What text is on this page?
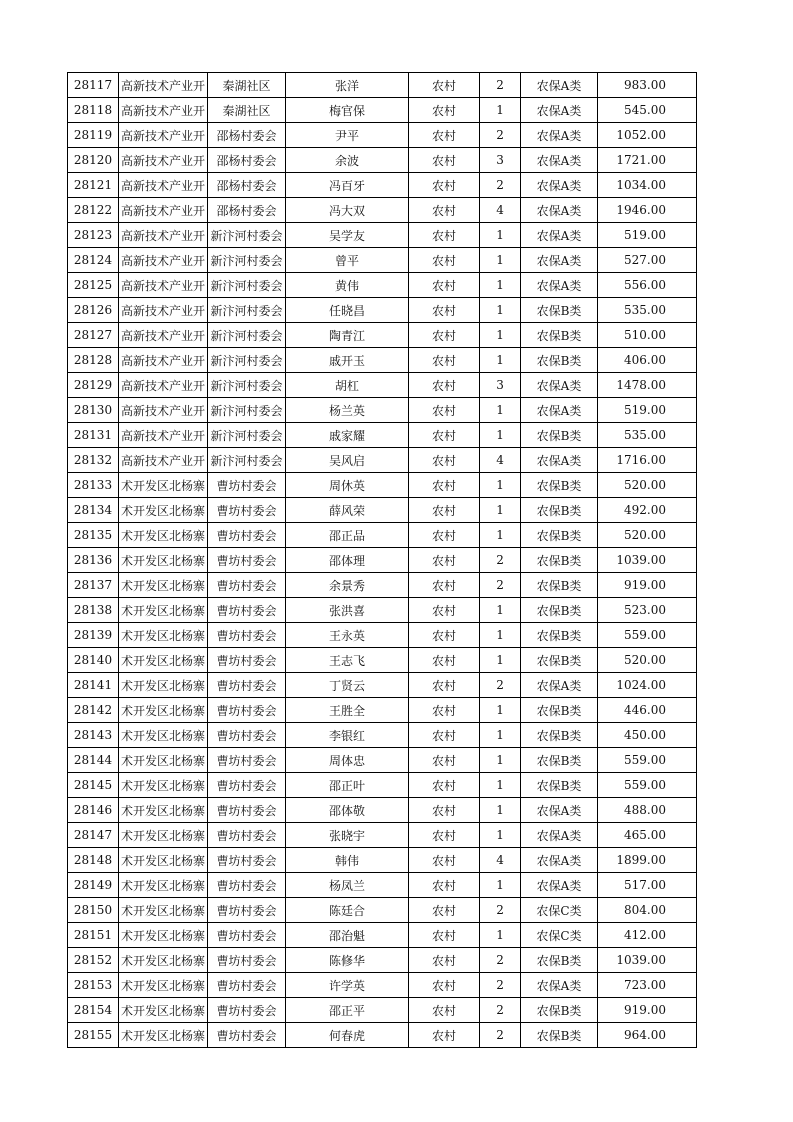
28117	高新技术产业开	秦湖社区	张洋	农村	2	农保A类	983.00
28118	高新技术产业开	秦湖社区	梅官保	农村	1	农保A类	545.00
28119	高新技术产业开	邵杨村委会	尹平	农村	2	农保A类	1052.00
28120	高新技术产业开	邵杨村委会	余波	农村	3	农保A类	1721.00
28121	高新技术产业开	邵杨村委会	冯百牙	农村	2	农保A类	1034.00
28122	高新技术产业开	邵杨村委会	冯大双	农村	4	农保A类	1946.00
28123	高新技术产业开	新汴河村委会	吴学友	农村	1	农保A类	519.00
28124	高新技术产业开	新汴河村委会	曾平	农村	1	农保A类	527.00
28125	高新技术产业开	新汴河村委会	黄伟	农村	1	农保A类	556.00
28126	高新技术产业开	新汴河村委会	任晓昌	农村	1	农保B类	535.00
28127	高新技术产业开	新汴河村委会	陶青江	农村	1	农保B类	510.00
28128	高新技术产业开	新汴河村委会	戚开玉	农村	1	农保B类	406.00
28129	高新技术产业开	新汴河村委会	胡杠	农村	3	农保A类	1478.00
28130	高新技术产业开	新汴河村委会	杨兰英	农村	1	农保A类	519.00
28131	高新技术产业开	新汴河村委会	戚家耀	农村	1	农保B类	535.00
28132	高新技术产业开	新汴河村委会	吴风启	农村	4	农保A类	1716.00
28133	术开发区北杨寨	曹坊村委会	周休英	农村	1	农保B类	520.00
28134	术开发区北杨寨	曹坊村委会	薛风荣	农村	1	农保B类	492.00
28135	术开发区北杨寨	曹坊村委会	邵正品	农村	1	农保B类	520.00
28136	术开发区北杨寨	曹坊村委会	邵体理	农村	2	农保B类	1039.00
28137	术开发区北杨寨	曹坊村委会	余景秀	农村	2	农保B类	919.00
28138	术开发区北杨寨	曹坊村委会	张洪喜	农村	1	农保B类	523.00
28139	术开发区北杨寨	曹坊村委会	王永英	农村	1	农保B类	559.00
28140	术开发区北杨寨	曹坊村委会	王志飞	农村	1	农保B类	520.00
28141	术开发区北杨寨	曹坊村委会	丁贤云	农村	2	农保A类	1024.00
28142	术开发区北杨寨	曹坊村委会	王胜全	农村	1	农保B类	446.00
28143	术开发区北杨寨	曹坊村委会	李银红	农村	1	农保B类	450.00
28144	术开发区北杨寨	曹坊村委会	周体忠	农村	1	农保B类	559.00
28145	术开发区北杨寨	曹坊村委会	邵正叶	农村	1	农保B类	559.00
28146	术开发区北杨寨	曹坊村委会	邵体敬	农村	1	农保A类	488.00
28147	术开发区北杨寨	曹坊村委会	张晓宇	农村	1	农保A类	465.00
28148	术开发区北杨寨	曹坊村委会	韩伟	农村	4	农保A类	1899.00
28149	术开发区北杨寨	曹坊村委会	杨凤兰	农村	1	农保A类	517.00
28150	术开发区北杨寨	曹坊村委会	陈廷合	农村	2	农保C类	804.00
28151	术开发区北杨寨	曹坊村委会	邵治魁	农村	1	农保C类	412.00
28152	术开发区北杨寨	曹坊村委会	陈修华	农村	2	农保B类	1039.00
28153	术开发区北杨寨	曹坊村委会	许学英	农村	2	农保A类	723.00
28154	术开发区北杨寨	曹坊村委会	邵正平	农村	2	农保B类	919.00
28155	术开发区北杨寨	曹坊村委会	何春虎	农村	2	农保B类	964.00
